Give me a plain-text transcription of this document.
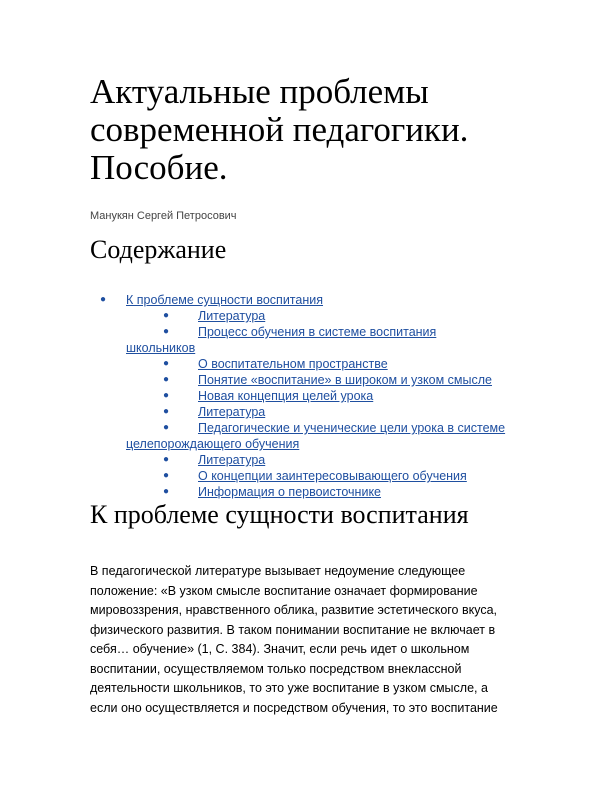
Актуальные проблемы
современной педагогики.
Пособие.

Манукян Сергей Петросович

Содержание
● К проблеме сущности воспитания
● Литература
● Процесс обучения в системе воспитания
школьников
● О воспитательном пространстве
● Понятие «воспитание» в широком и узком смысле
● Новая концепция целей урока
● Литература
● Педагогические и ученические цели урока в системе
целепорождающего обучения
● Литература
● О концепции заинтересовывающего обучения
● Информация о первоисточнике
К проблеме сущности воспитания
В педагогической литературе вызывает недоумение следующее
положение: «В узком смысле воспитание означает формирование
мировоззрения, нравственного облика, развитие эстетического вкуса,
физического развития. В таком понимании воспитание не включает в
себя… обучение» (1, С. 384). Значит, если речь идет о школьном
воспитании, осуществляемом только посредством внеклассной
деятельности школьников, то это уже воспитание в узком смысле, а
если оно осуществляется и посредством обучения, то это воспитание
